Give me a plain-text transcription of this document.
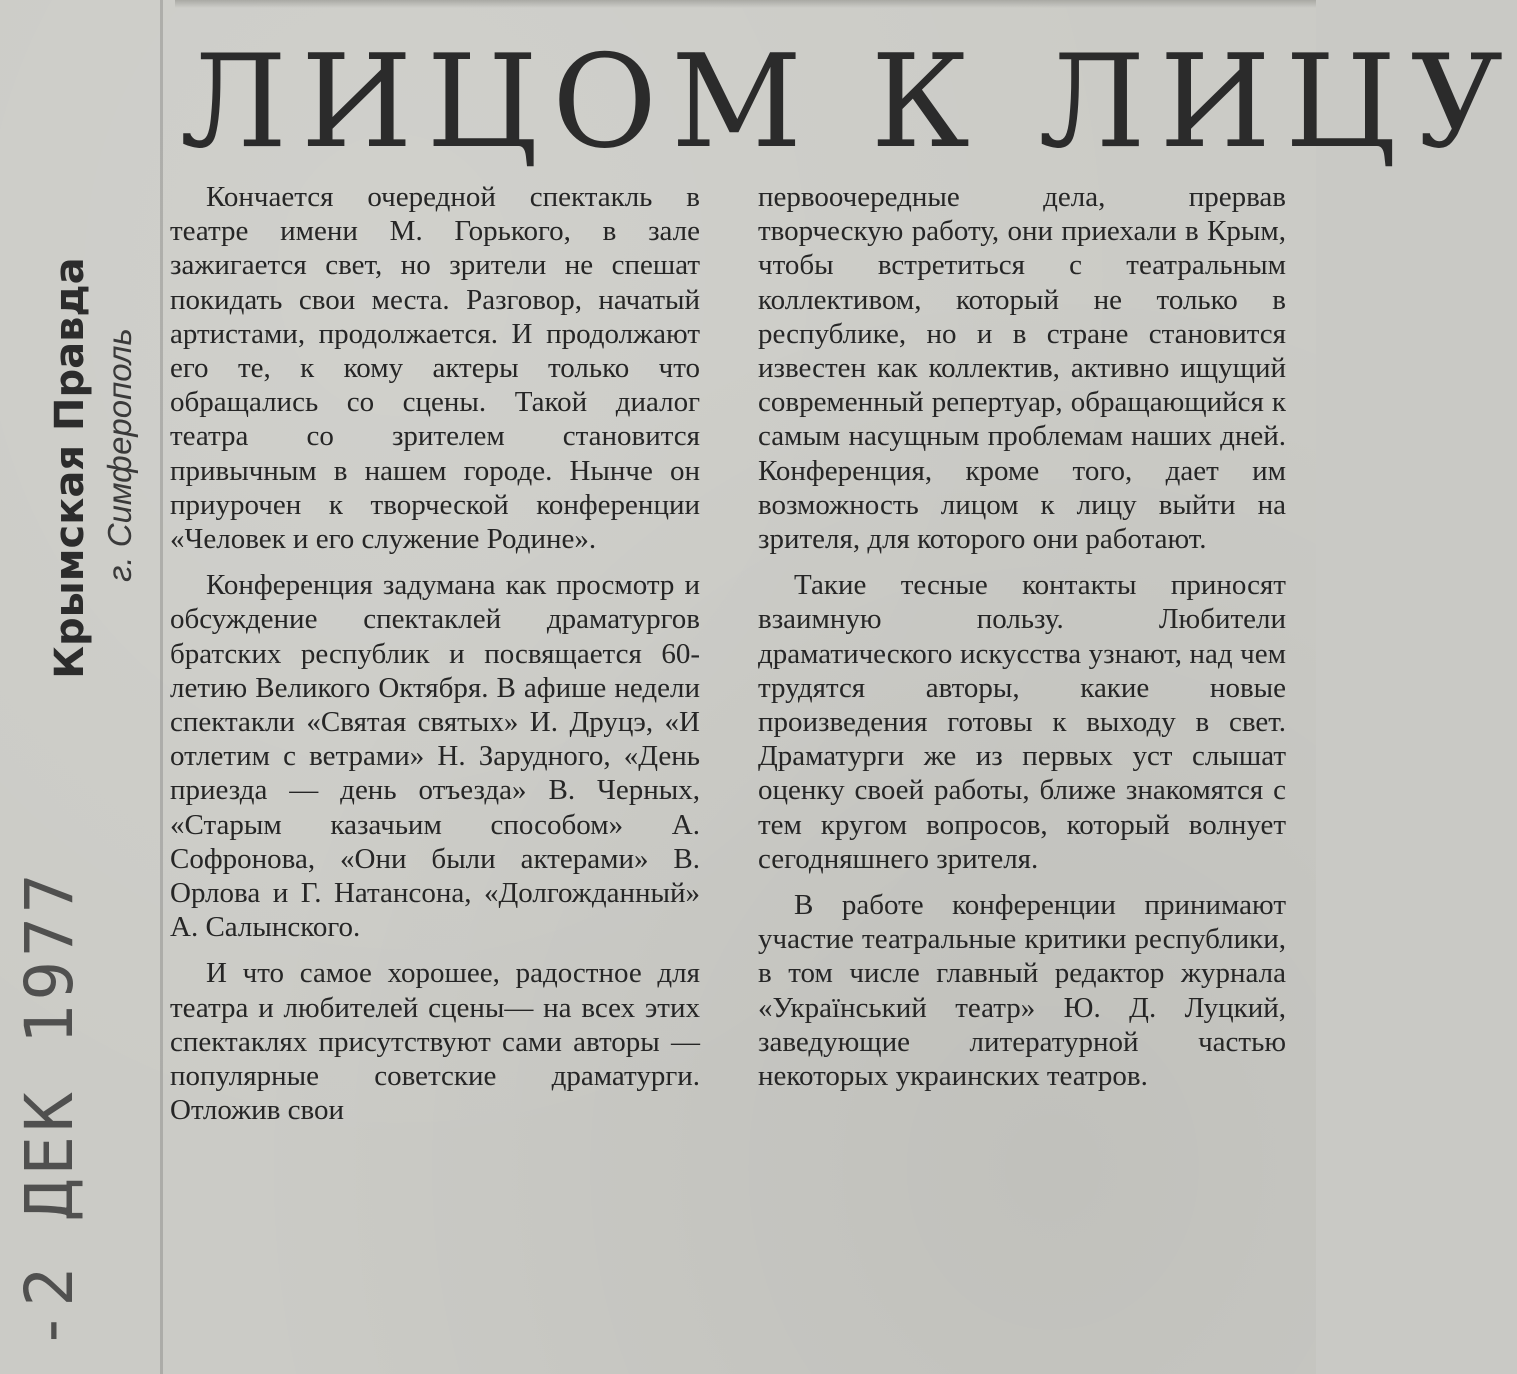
ЛИЦОМ К ЛИЦУ
Крымская Правда г. Симферополь
-2 ДЕК 1977

Кончается очередной спектакль в театре имени М. Горького, в зале зажигается свет, но зрители не спешат покидать свои места. Разговор, начатый артистами, продолжается. И продолжают его те, к кому актеры только что обращались со сцены. Такой диалог театра со зрителем становится привычным в нашем городе. Нынче он приурочен к творческой конференции «Человек и его служение Родине».

Конференция задумана как просмотр и обсуждение спектаклей драматургов братских республик и посвящается 60-летию Великого Октября. В афише недели спектакли «Святая святых» И. Друцэ, «И отлетим с ветрами» Н. Зарудного, «День приезда — день отъезда» В. Черных, «Старым казачьим способом» А. Софронова, «Они были актерами» В. Орлова и Г. Натансона, «Долгожданный» А. Салынского.

И что самое хорошее, радостное для театра и любителей сцены— на всех этих спектаклях присутствуют сами авторы — популярные советские драматурги. Отложив свои

первоочередные дела, прервав творческую работу, они приехали в Крым, чтобы встретиться с театральным коллективом, который не только в республике, но и в стране становится известен как коллектив, активно ищущий современный репертуар, обращающийся к самым насущным проблемам наших дней. Конференция, кроме того, дает им возможность лицом к лицу выйти на зрителя, для которого они работают.

Такие тесные контакты приносят взаимную пользу. Любители драматического искусства узнают, над чем трудятся авторы, какие новые произведения готовы к выходу в свет. Драматурги же из первых уст слышат оценку своей работы, ближе знакомятся с тем кругом вопросов, который волнует сегодняшнего зрителя.

В работе конференции принимают участие театральные критики республики, в том числе главный редактор журнала «Український театр» Ю. Д. Луцкий, заведующие литературной частью некоторых украинских театров.
